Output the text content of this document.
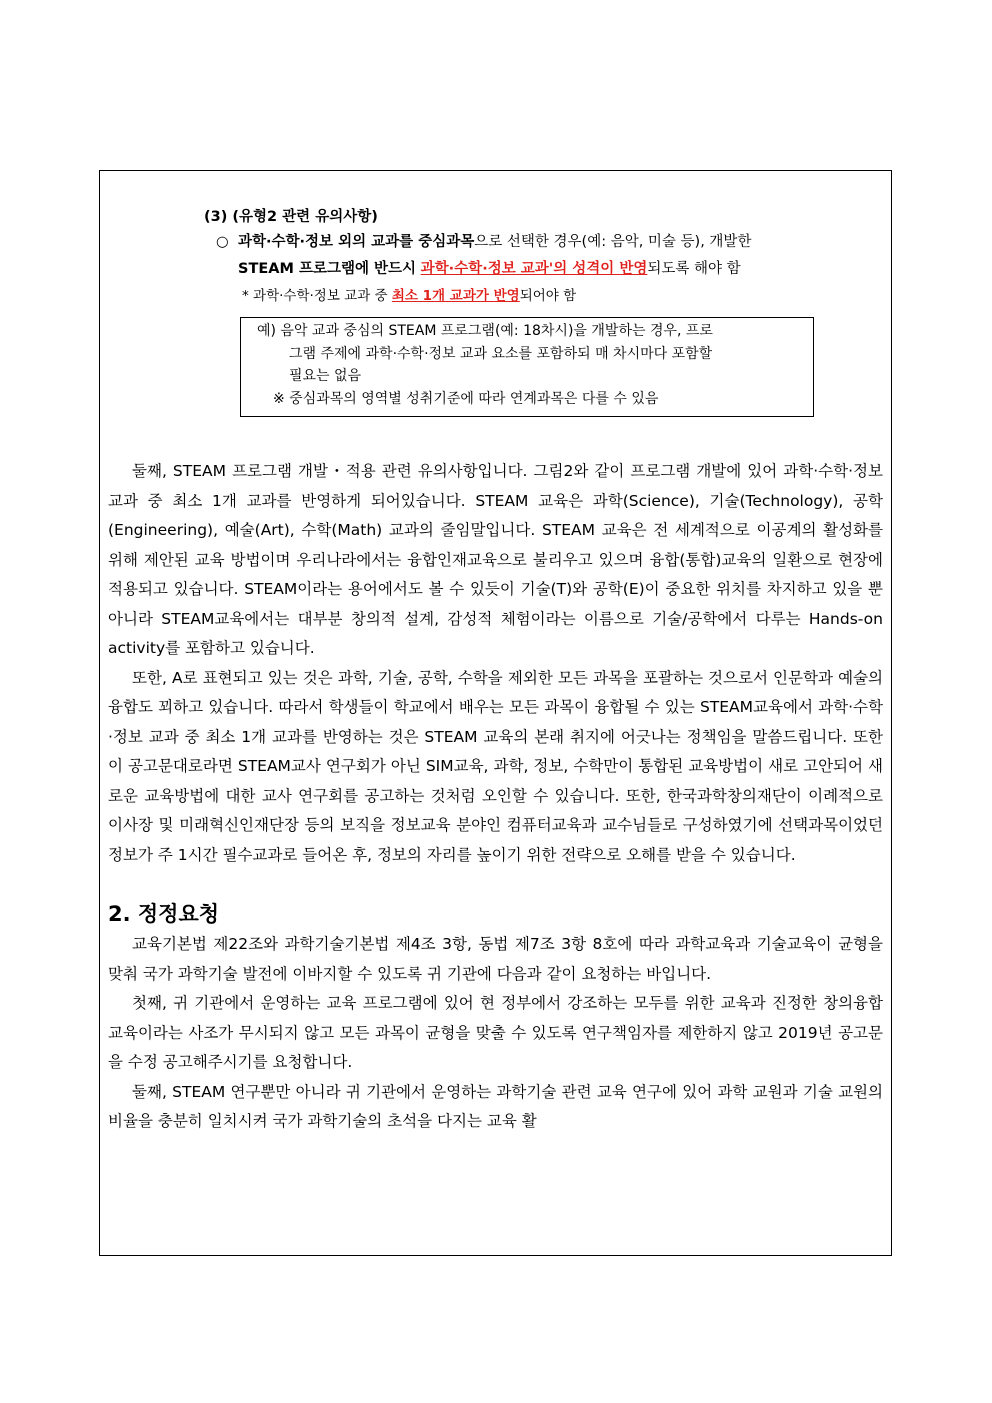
(3) (유형2 관련 유의사항)
○ 과학·수학·정보 외의 교과를 중심과목으로 선택한 경우(예: 음악, 미술 등), 개발한
STEAM 프로그램에 반드시 과학·수학·정보 교과'의 성격이 반영되도록 해야 함
* 과학·수학·정보 교과 중 최소 1개 교과가 반영되어야 함
예) 음악 교과 중심의 STEAM 프로그램(예: 18차시)을 개발하는 경우, 프로
그램 주제에 과학·수학·정보 교과 요소를 포함하되 매 차시마다 포함할
필요는 없음
※ 중심과목의 영역별 성취기준에 따라 연계과목은 다를 수 있음

둘째, STEAM 프로그램 개발・적용 관련 유의사항입니다. 그림2와 같이 프로그램 개발에 있어 과학·수학·정보 교과 중 최소 1개 교과를 반영하게 되어있습니다. STEAM 교육은 과학(Science), 기술(Technology), 공학(Engineering), 예술(Art), 수학(Math) 교과의 줄임말입니다. STEAM 교육은 전 세계적으로 이공계의 활성화를 위해 제안된 교육 방법이며 우리나라에서는 융합인재교육으로 불리우고 있으며 융합(통합)교육의 일환으로 현장에 적용되고 있습니다. STEAM이라는 용어에서도 볼 수 있듯이 기술(T)와 공학(E)이 중요한 위치를 차지하고 있을 뿐 아니라 STEAM교육에서는 대부분 창의적 설계, 감성적 체험이라는 이름으로 기술/공학에서 다루는 Hands-on activity를 포함하고 있습니다.

또한, A로 표현되고 있는 것은 과학, 기술, 공학, 수학을 제외한 모든 과목을 포괄하는 것으로서 인문학과 예술의 융합도 꾀하고 있습니다. 따라서 학생들이 학교에서 배우는 모든 과목이 융합될 수 있는 STEAM교육에서 과학·수학·정보 교과 중 최소 1개 교과를 반영하는 것은 STEAM 교육의 본래 취지에 어긋나는 정책임을 말씀드립니다. 또한 이 공고문대로라면 STEAM교사 연구회가 아닌 SIM교육, 과학, 정보, 수학만이 통합된 교육방법이 새로 고안되어 새로운 교육방법에 대한 교사 연구회를 공고하는 것처럼 오인할 수 있습니다. 또한, 한국과학창의재단이 이례적으로 이사장 및 미래혁신인재단장 등의 보직을 정보교육 분야인 컴퓨터교육과 교수님들로 구성하였기에 선택과목이었던 정보가 주 1시간 필수교과로 들어온 후, 정보의 자리를 높이기 위한 전략으로 오해를 받을 수 있습니다.

2. 정정요청

교육기본법 제22조와 과학기술기본법 제4조 3항, 동법 제7조 3항 8호에 따라 과학교육과 기술교육이 균형을 맞춰 국가 과학기술 발전에 이바지할 수 있도록 귀 기관에 다음과 같이 요청하는 바입니다.

첫째, 귀 기관에서 운영하는 교육 프로그램에 있어 현 정부에서 강조하는 모두를 위한 교육과 진정한 창의융합 교육이라는 사조가 무시되지 않고 모든 과목이 균형을 맞출 수 있도록 연구책임자를 제한하지 않고 2019년 공고문을 수정 공고해주시기를 요청합니다.

둘째, STEAM 연구뿐만 아니라 귀 기관에서 운영하는 과학기술 관련 교육 연구에 있어 과학 교원과 기술 교원의 비율을 충분히 일치시켜 국가 과학기술의 초석을 다지는 교육 활
